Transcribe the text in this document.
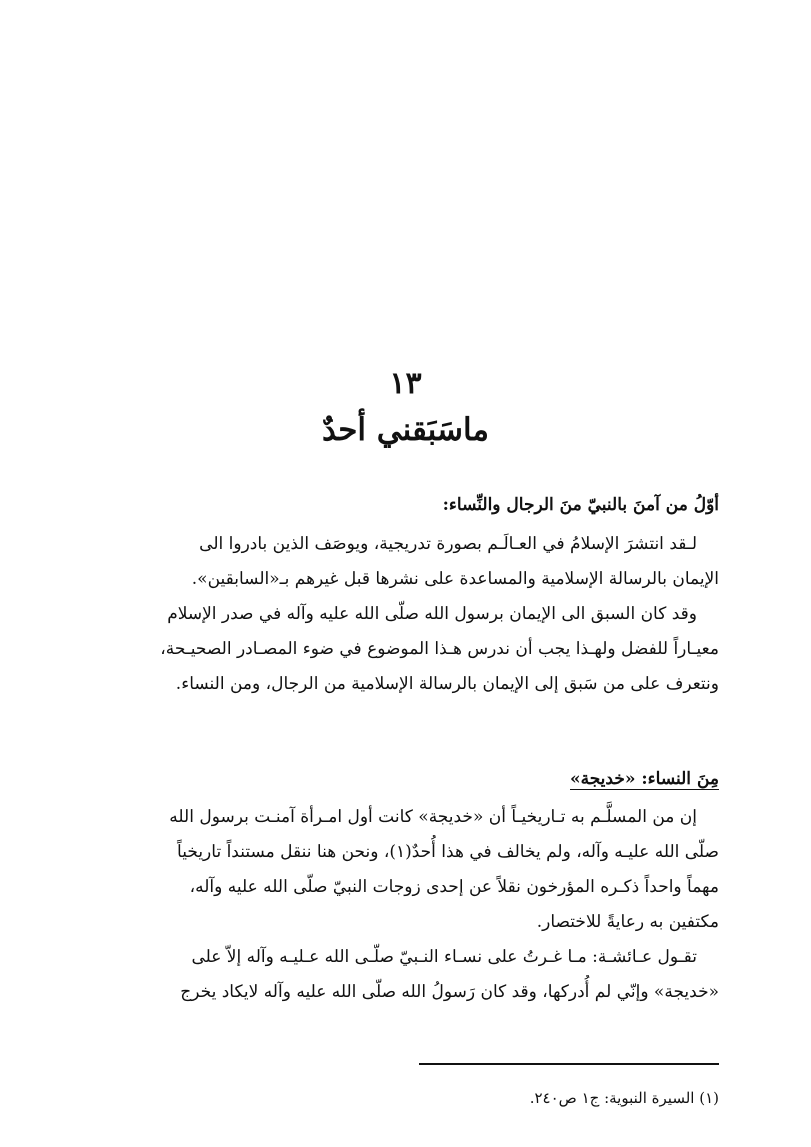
١٣
ماسَبَقني أحدٌ
أوّلُ من آمنَ بالنبيّ منَ الرجال والنِّساء:
لـقد انتشرَ الإسلامُ في العـالَـم بصورة تدريجية، ويوصَف الذين بادروا الى
الإيمان بالرسالة الإسلامية والمساعدة على نشرها قبل غيرهم بـ«السابقين».
وقد كان السبق الى الإيمان برسول الله صلّى الله عليه وآله في صدر الإسلام
معيـاراً للفضل ولهـذا يجب أن ندرس هـذا الموضوع في ضوء المصـادر الصحيـحة،
ونتعرف على من سَبق إلى الإيمان بالرسالة الإسلامية من الرجال، ومن النساء.
مِنَ النساء: «خديجة»
إن من المسلَّـم به تـاريخيـاً أن «خديجة» كانت أول امـرأة آمنـت برسول الله
صلّى الله عليـه وآله، ولم يخالف في هذا أُحدٌ(١)، ونحن هنا ننقل مستنداً تاريخياً
مهماً واحداً ذكـره المؤرخون نقلاً عن إحدى زوجات النبيّ صلّى الله عليه وآله،
مكتفين به رعايةً للاختصار.
تقـول عـائشـة: مـا غـرتُ على نسـاء النـبيّ صلّـى الله عـليـه وآله إلاّ على
«خديجة» وإنّي لم أُدركها، وقد كان رَسولُ الله صلّى الله عليه وآله لايكاد يخرج
(١) السيرة النبوية: ج١ ص٢٤٠.
